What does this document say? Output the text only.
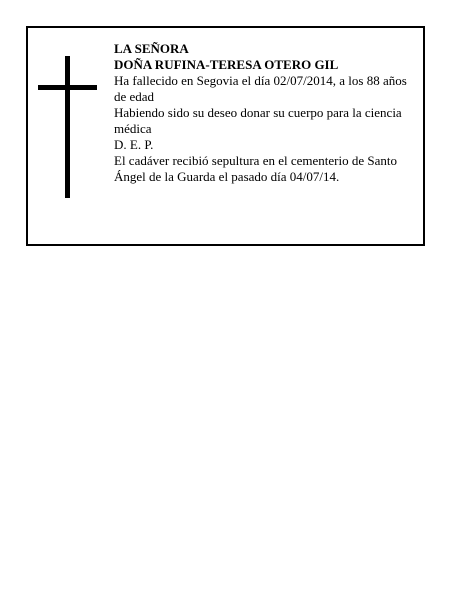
LA SEÑORA

DOÑA RUFINA-TERESA OTERO GIL

Ha fallecido en Segovia el día 02/07/2014, a los 88 años de edad

Habiendo sido su deseo donar su cuerpo para la ciencia médica

D. E. P.

El cadáver recibió sepultura en el cementerio de Santo Ángel de la Guarda el pasado día 04/07/14.
